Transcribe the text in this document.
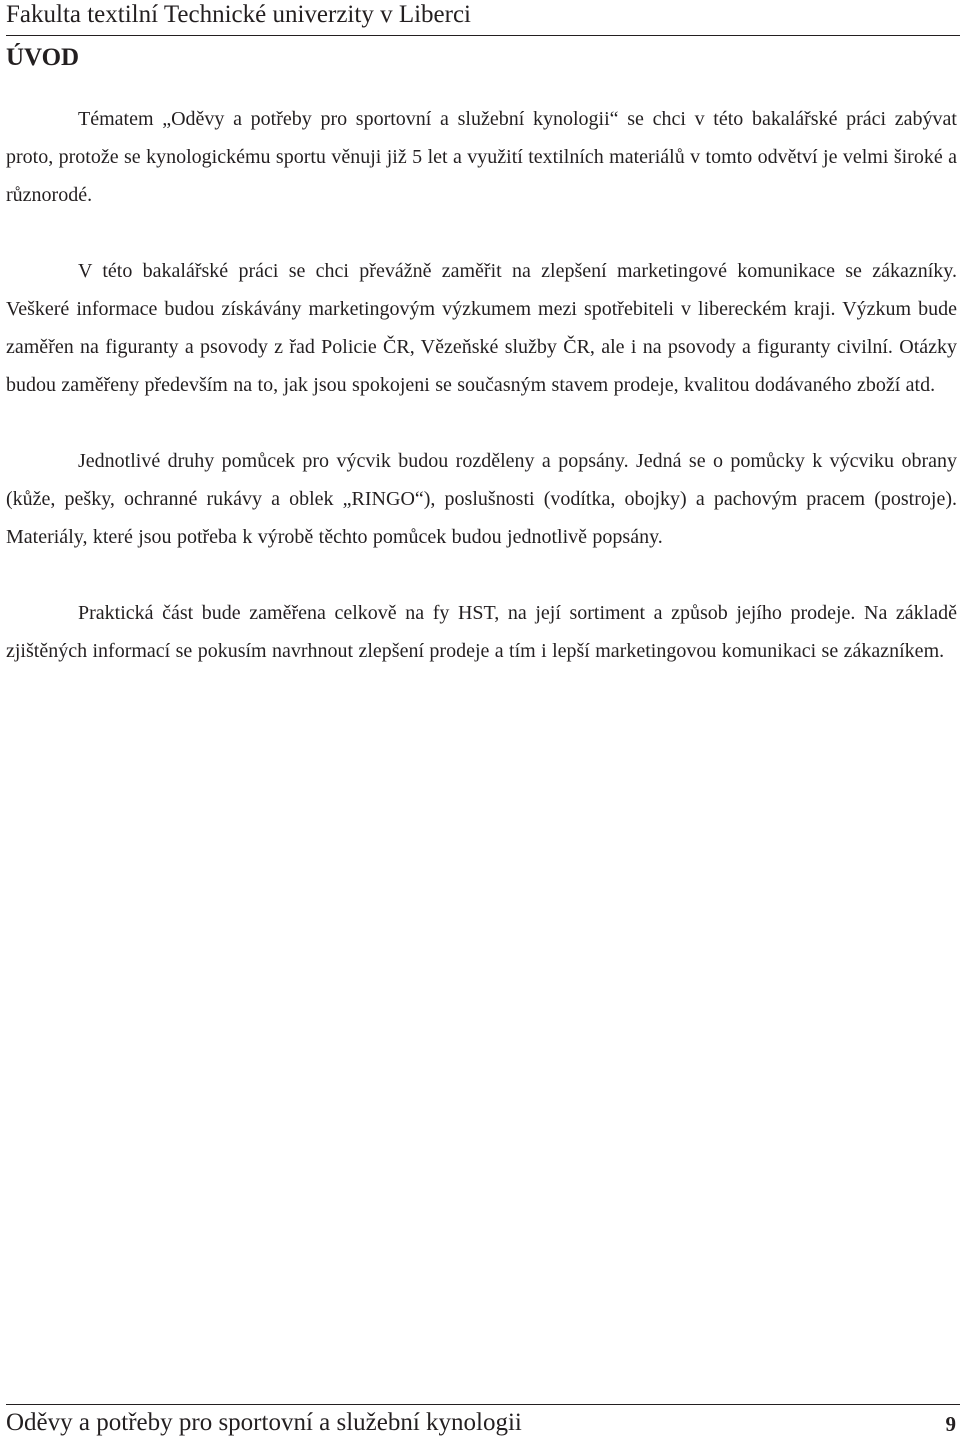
Fakulta textilní Technické univerzity v Liberci
ÚVOD

Tématem „Oděvy a potřeby pro sportovní a služební kynologii“ se chci v této bakalářské práci zabývat proto, protože se kynologickému sportu věnuji již 5 let a využití textilních materiálů v tomto odvětví je velmi široké a různorodé.

V této bakalářské práci se chci převážně zaměřit na zlepšení marketingové komunikace se zákazníky. Veškeré informace budou získávány marketingovým výzkumem mezi spotřebiteli v libereckém kraji. Výzkum bude zaměřen na figuranty a psovody z řad Policie ČR, Vězeňské služby ČR, ale i na psovody a figuranty civilní. Otázky budou zaměřeny především na to, jak jsou spokojeni se současným stavem prodeje, kvalitou dodávaného zboží atd.

Jednotlivé druhy pomůcek pro výcvik budou rozděleny a popsány. Jedná se o pomůcky k výcviku obrany (kůže, pešky, ochranné rukávy a oblek „RINGO“), poslušnosti (vodítka, obojky) a pachovým pracem (postroje). Materiály, které jsou potřeba k výrobě těchto pomůcek budou jednotlivě popsány.

Praktická část bude zaměřena celkově na fy HST, na její sortiment a způsob jejího prodeje. Na základě zjištěných informací se pokusím navrhnout zlepšení prodeje a tím i lepší marketingovou komunikaci se zákazníkem.

Oděvy a potřeby pro sportovní a služební kynologii	9
